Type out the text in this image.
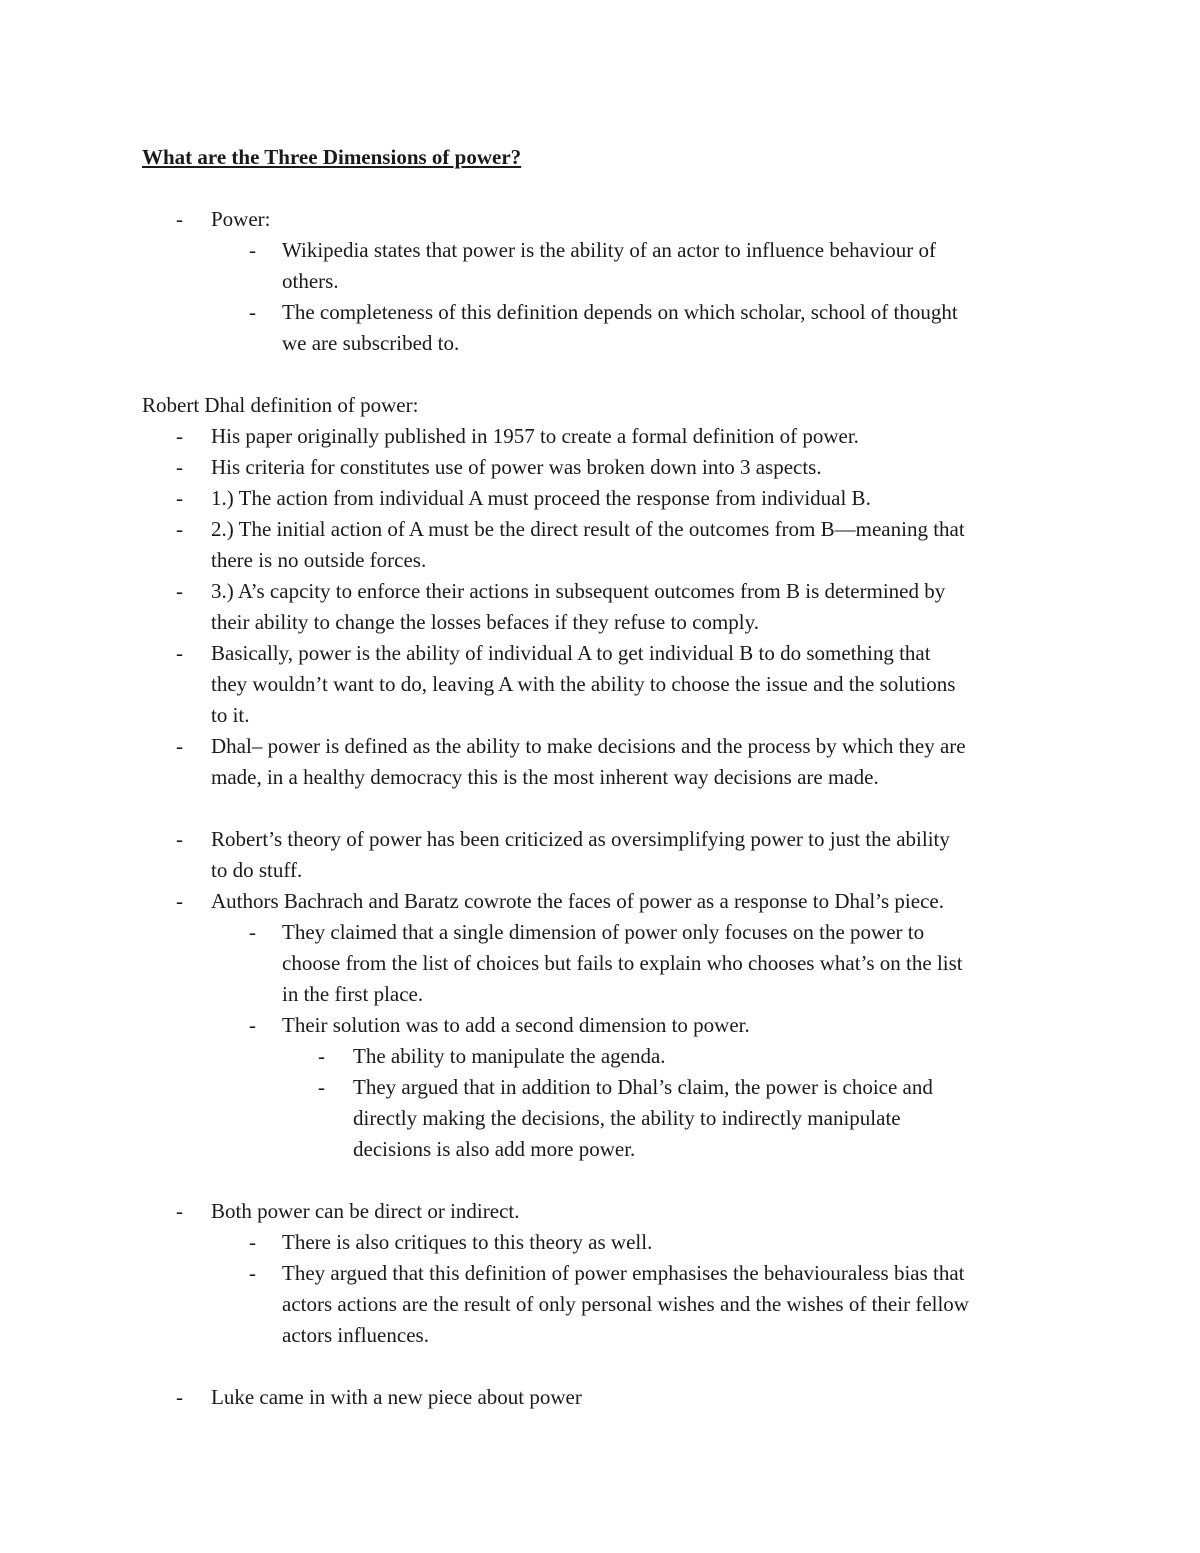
What are the Three Dimensions of power?
- Power:
- Wikipedia states that power is the ability of an actor to influence behaviour of
others.
- The completeness of this definition depends on which scholar, school of thought
we are subscribed to.
Robert Dhal definition of power:
- His paper originally published in 1957 to create a formal definition of power.
- His criteria for constitutes use of power was broken down into 3 aspects.
- 1.) The action from individual A must proceed the response from individual B.
- 2.) The initial action of A must be the direct result of the outcomes from B—meaning that
there is no outside forces.
- 3.) A’s capcity to enforce their actions in subsequent outcomes from B is determined by
their ability to change the losses befaces if they refuse to comply.
- Basically, power is the ability of individual A to get individual B to do something that
they wouldn’t want to do, leaving A with the ability to choose the issue and the solutions
to it.
- Dhal– power is defined as the ability to make decisions and the process by which they are
made, in a healthy democracy this is the most inherent way decisions are made.
- Robert’s theory of power has been criticized as oversimplifying power to just the ability
to do stuff.
- Authors Bachrach and Baratz cowrote the faces of power as a response to Dhal’s piece.
- They claimed that a single dimension of power only focuses on the power to
choose from the list of choices but fails to explain who chooses what’s on the list
in the first place.
- Their solution was to add a second dimension to power.
- The ability to manipulate the agenda.
- They argued that in addition to Dhal’s claim, the power is choice and
directly making the decisions, the ability to indirectly manipulate
decisions is also add more power.
- Both power can be direct or indirect.
- There is also critiques to this theory as well.
- They argued that this definition of power emphasises the behaviouraless bias that
actors actions are the result of only personal wishes and the wishes of their fellow
actors influences.
- Luke came in with a new piece about power
